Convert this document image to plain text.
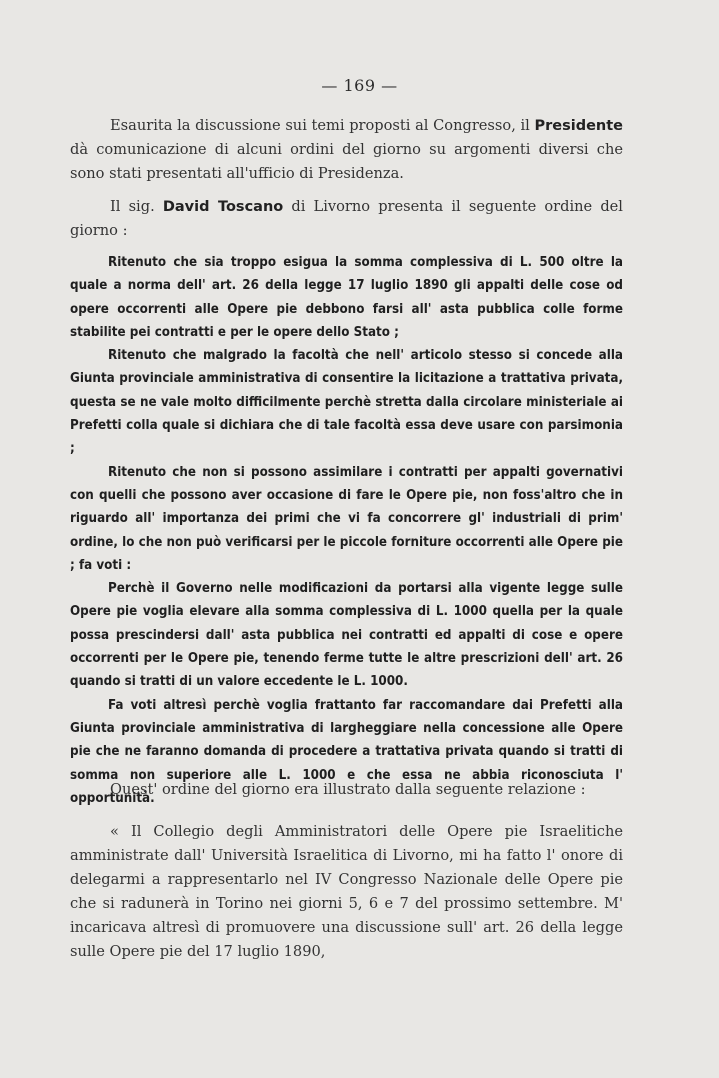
— 169 —

Esaurita la discussione sui temi proposti al Congresso, il Presidente dà comunicazione di alcuni ordini del giorno su argomenti diversi che sono stati presentati all'ufficio di Presidenza.

Il sig. David Toscano di Livorno presenta il seguente ordine del giorno :

Ritenuto che sia troppo esigua la somma complessiva di L. 500 oltre la quale a norma dell' art. 26 della legge 17 luglio 1890 gli appalti delle cose od opere occorrenti alle Opere pie debbono farsi all' asta pubblica colle forme stabilite pei contratti e per le opere dello Stato ;

Ritenuto che malgrado la facoltà che nell' articolo stesso si concede alla Giunta provinciale amministrativa di consentire la licitazione a trattativa privata, questa se ne vale molto difficilmente perchè stretta dalla circolare ministeriale ai Prefetti colla quale si dichiara che di tale facoltà essa deve usare con parsimonia ;

Ritenuto che non si possono assimilare i contratti per appalti governativi con quelli che possono aver occasione di fare le Opere pie, non foss'altro che in riguardo all' importanza dei primi che vi fa concorrere gl' industriali di prim' ordine, lo che non può verificarsi per le piccole forniture occorrenti alle Opere pie ; fa voti :

Perchè il Governo nelle modificazioni da portarsi alla vigente legge sulle Opere pie voglia elevare alla somma complessiva di L. 1000 quella per la quale possa prescindersi dall' asta pubblica nei contratti ed appalti di cose e opere occorrenti per le Opere pie, tenendo ferme tutte le altre prescrizioni dell' art. 26 quando si tratti di un valore eccedente le L. 1000.

Fa voti altresì perchè voglia frattanto far raccomandare dai Prefetti alla Giunta provinciale amministrativa di largheggiare nella concessione alle Opere pie che ne faranno domanda di procedere a trattativa privata quando si tratti di somma non superiore alle L. 1000 e che essa ne abbia riconosciuta l' opportunità.

Quest' ordine del giorno era illustrato dalla seguente relazione :

« Il Collegio degli Amministratori delle Opere pie Israelitiche amministrate dall' Università Israelitica di Livorno, mi ha fatto l' onore di delegarmi a rappresentarlo nel IV Congresso Nazionale delle Opere pie che si radunerà in Torino nei giorni 5, 6 e 7 del prossimo settembre. M' incaricava altresì di promuovere una discussione sull' art. 26 della legge sulle Opere pie del 17 luglio 1890,
